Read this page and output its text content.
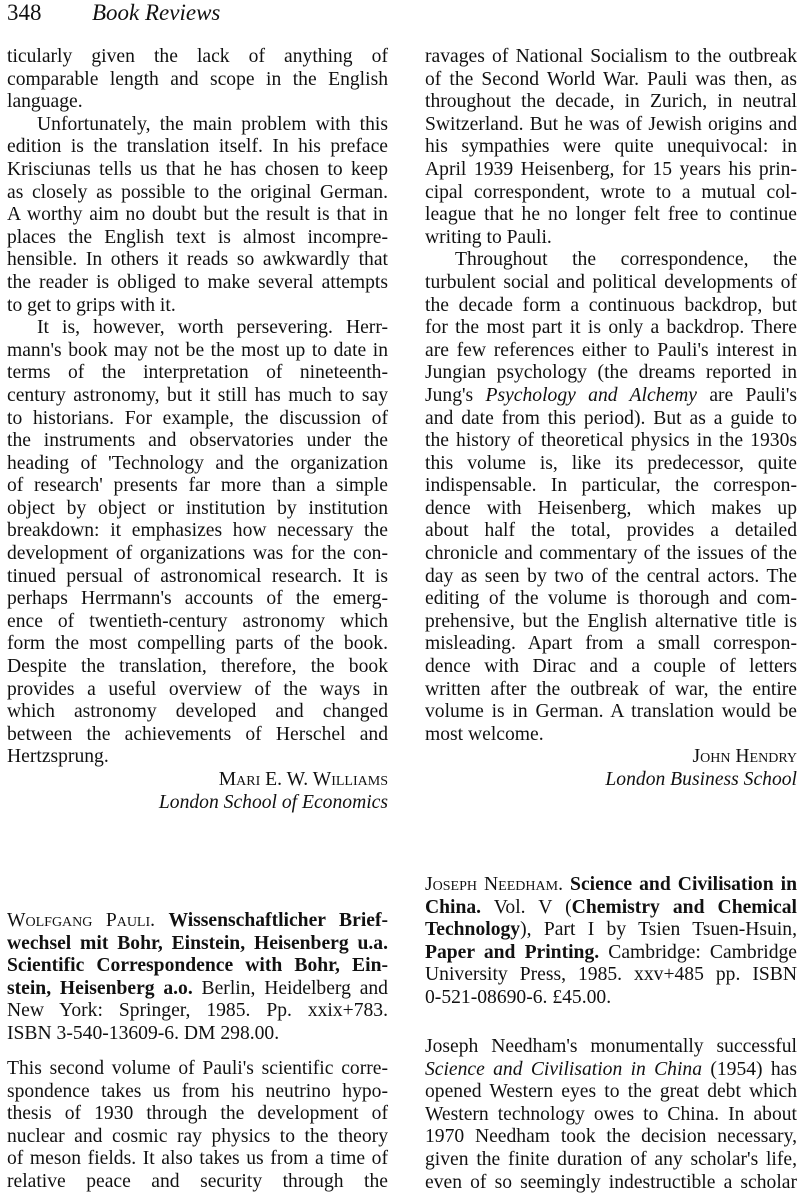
348 Book Reviews
ticularly given the lack of anything of
comparable length and scope in the English
language.
Unfortunately, the main problem with this
edition is the translation itself. In his preface
Krisciunas tells us that he has chosen to keep
as closely as possible to the original German.
A worthy aim no doubt but the result is that in
places the English text is almost incompre-
hensible. In others it reads so awkwardly that
the reader is obliged to make several attempts
to get to grips with it.
It is, however, worth persevering. Herr-
mann's book may not be the most up to date in
terms of the interpretation of nineteenth-
century astronomy, but it still has much to say
to historians. For example, the discussion of
the instruments and observatories under the
heading of 'Technology and the organization
of research' presents far more than a simple
object by object or institution by institution
breakdown: it emphasizes how necessary the
development of organizations was for the con-
tinued persual of astronomical research. It is
perhaps Herrmann's accounts of the emerg-
ence of twentieth-century astronomy which
form the most compelling parts of the book.
Despite the translation, therefore, the book
provides a useful overview of the ways in
which astronomy developed and changed
between the achievements of Herschel and
Hertzsprung.
Mari E. W. Williams
London School of Economics
Wolfgang Pauli. Wissenschaftlicher Brief-
wechsel mit Bohr, Einstein, Heisenberg u.a.
Scientific Correspondence with Bohr, Ein-
stein, Heisenberg a.o. Berlin, Heidelberg and
New York: Springer, 1985. Pp. xxix+783.
ISBN 3-540-13609-6. DM 298.00.
This second volume of Pauli's scientific corre-
spondence takes us from his neutrino hypo-
thesis of 1930 through the development of
nuclear and cosmic ray physics to the theory
of meson fields. It also takes us from a time of
relative peace and security through the
ravages of National Socialism to the outbreak
of the Second World War. Pauli was then, as
throughout the decade, in Zurich, in neutral
Switzerland. But he was of Jewish origins and
his sympathies were quite unequivocal: in
April 1939 Heisenberg, for 15 years his prin-
cipal correspondent, wrote to a mutual col-
league that he no longer felt free to continue
writing to Pauli.
Throughout the correspondence, the
turbulent social and political developments of
the decade form a continuous backdrop, but
for the most part it is only a backdrop. There
are few references either to Pauli's interest in
Jungian psychology (the dreams reported in
Jung's Psychology and Alchemy are Pauli's
and date from this period). But as a guide to
the history of theoretical physics in the 1930s
this volume is, like its predecessor, quite
indispensable. In particular, the correspon-
dence with Heisenberg, which makes up
about half the total, provides a detailed
chronicle and commentary of the issues of the
day as seen by two of the central actors. The
editing of the volume is thorough and com-
prehensive, but the English alternative title is
misleading. Apart from a small correspon-
dence with Dirac and a couple of letters
written after the outbreak of war, the entire
volume is in German. A translation would be
most welcome.
John Hendry
London Business School
Joseph Needham. Science and Civilisation in
China. Vol. V (Chemistry and Chemical
Technology), Part I by Tsien Tsuen-Hsuin,
Paper and Printing. Cambridge: Cambridge
University Press, 1985. xxv+485 pp. ISBN
0-521-08690-6. £45.00.
Joseph Needham's monumentally successful
Science and Civilisation in China (1954) has
opened Western eyes to the great debt which
Western technology owes to China. In about
1970 Needham took the decision necessary,
given the finite duration of any scholar's life,
even of so seemingly indestructible a scholar
